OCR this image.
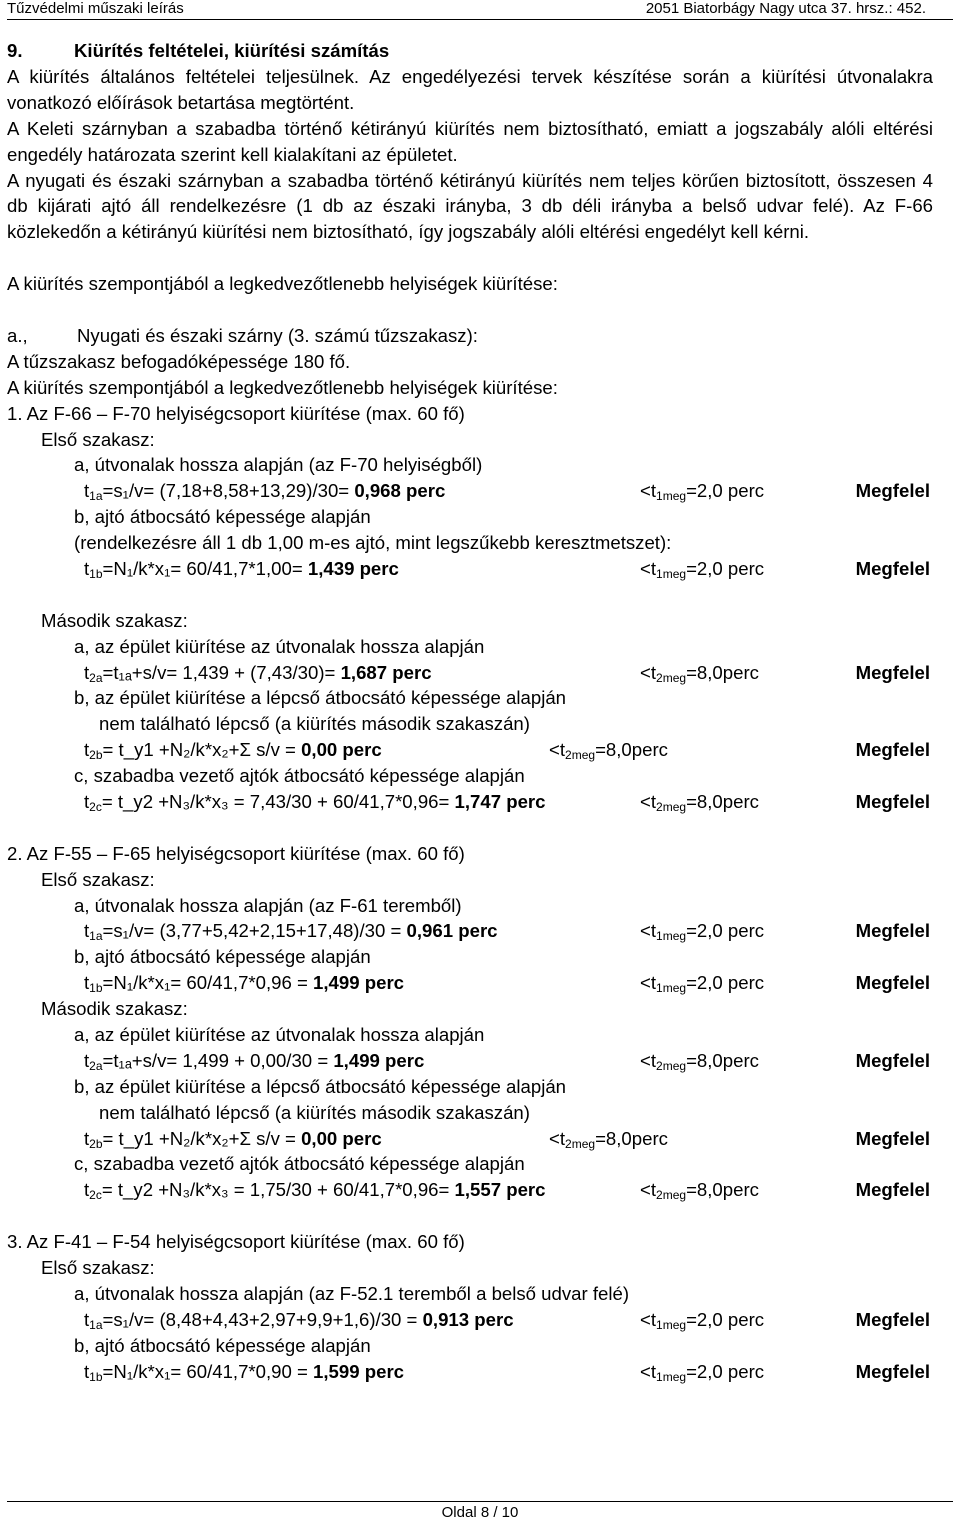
Tűzvédelmi műszaki leírás	2051 Biatorbágy Nagy utca 37. hrsz.: 452.
9.	Kiürítés feltételei, kiürítési számítás

A kiürítés általános feltételei teljesülnek. Az engedélyezési tervek készítése során a kiürítési útvonalakra vonatkozó előírások betartása megtörtént.

A Keleti szárnyban a szabadba történő kétirányú kiürítés nem biztosítható, emiatt a jogszabály alóli eltérési engedély határozata szerint kell kialakítani az épületet.

A nyugati és északi szárnyban a szabadba történő kétirányú kiürítés nem teljes körűen biztosított, összesen 4 db kijárati ajtó áll rendelkezésre (1 db az északi irányba, 3 db déli irányba a belső udvar felé). Az F-66 közlekedőn a kétirányú kiürítési nem biztosítható, így jogszabály alóli eltérési engedélyt kell kérni.

A kiürítés szempontjából a legkedvezőtlenebb helyiségek kiürítése:

a.,	Nyugati és északi szárny (3. számú tűzszakasz):
A tűzszakasz befogadóképessége 180 fő.
A kiürítés szempontjából a legkedvezőtlenebb helyiségek kiürítése:
1. Az F-66 – F-70 helyiségcsoport kiürítése (max. 60 fő)
Első szakasz:
a, útvonalak hossza alapján (az F-70 helyiségből)
$t_{1a}=s_1/v= (7,18+8,58+13,29)/30= 0,968$ perc	$<t_{1meg}=2,0$ perc	Megfelel
b, ajtó átbocsátó képessége alapján
(rendelkezésre áll 1 db 1,00 m-es ajtó, mint legszűkebb keresztmetszet):
$t_{1b}=N_1/k*x_1= 60/41,7*1,00= 1,439$ perc	$<t_{1meg}=2,0$ perc	Megfelel
Második szakasz:
a, az épület kiürítése az útvonalak hossza alapján
$t_{2a}=t_{1a}+s/v= 1,439 + (7,43/30)= 1,687$ perc	$<t_{2meg}=8,0perc$	Megfelel
b, az épület kiürítése a lépcső átbocsátó képessége alapján
nem található lépcső (a kiürítés második szakaszán)
$t_{2b}=$ t_y1 +N₂/k*x₂+Σ s/v = 0,00 perc	$<t_{2meg}=8,0perc$	Megfelel
c, szabadba vezető ajtók átbocsátó képessége alapján
$t_{2c}=$ t_y2 +N₃/k*x₃ = 7,43/30 + 60/41,7*0,96= 1,747 perc	$<t_{2meg}=8,0perc$	Megfelel
2. Az F-55 – F-65 helyiségcsoport kiürítése (max. 60 fő)
Első szakasz:
a, útvonalak hossza alapján (az F-61 teremből)
$t_{1a}=s_1/v= (3,77+5,42+2,15+17,48)/30 = 0,961$ perc	$<t_{1meg}=2,0$ perc	Megfelel
b, ajtó átbocsátó képessége alapján
$t_{1b}=N_1/k*x_1= 60/41,7*0,96 = 1,499$ perc	$<t_{1meg}=2,0$ perc	Megfelel
Második szakasz:
a, az épület kiürítése az útvonalak hossza alapján
$t_{2a}=t_{1a}+s/v= 1,499 + 0,00/30 = 1,499$ perc	$<t_{2meg}=8,0perc$	Megfelel
b, az épület kiürítése a lépcső átbocsátó képessége alapján
nem található lépcső (a kiürítés második szakaszán)
$t_{2b}=$ t_y1 +N₂/k*x₂+Σ s/v = 0,00 perc	$<t_{2meg}=8,0perc$	Megfelel
c, szabadba vezető ajtók átbocsátó képessége alapján
$t_{2c}=$ t_y2 +N₃/k*x₃ = 1,75/30 + 60/41,7*0,96= 1,557 perc	$<t_{2meg}=8,0perc$	Megfelel
3. Az F-41 – F-54 helyiségcsoport kiürítése (max. 60 fő)
Első szakasz:
a, útvonalak hossza alapján (az F-52.1 teremből a belső udvar felé)
$t_{1a}=s_1/v= (8,48+4,43+2,97+9,9+1,6)/30 = 0,913$ perc	$<t_{1meg}=2,0$ perc	Megfelel
b, ajtó átbocsátó képessége alapján
$t_{1b}=N_1/k*x_1= 60/41,7*0,90 = 1,599$ perc	$<t_{1meg}=2,0$ perc	Megfelel
Oldal 8 / 10
